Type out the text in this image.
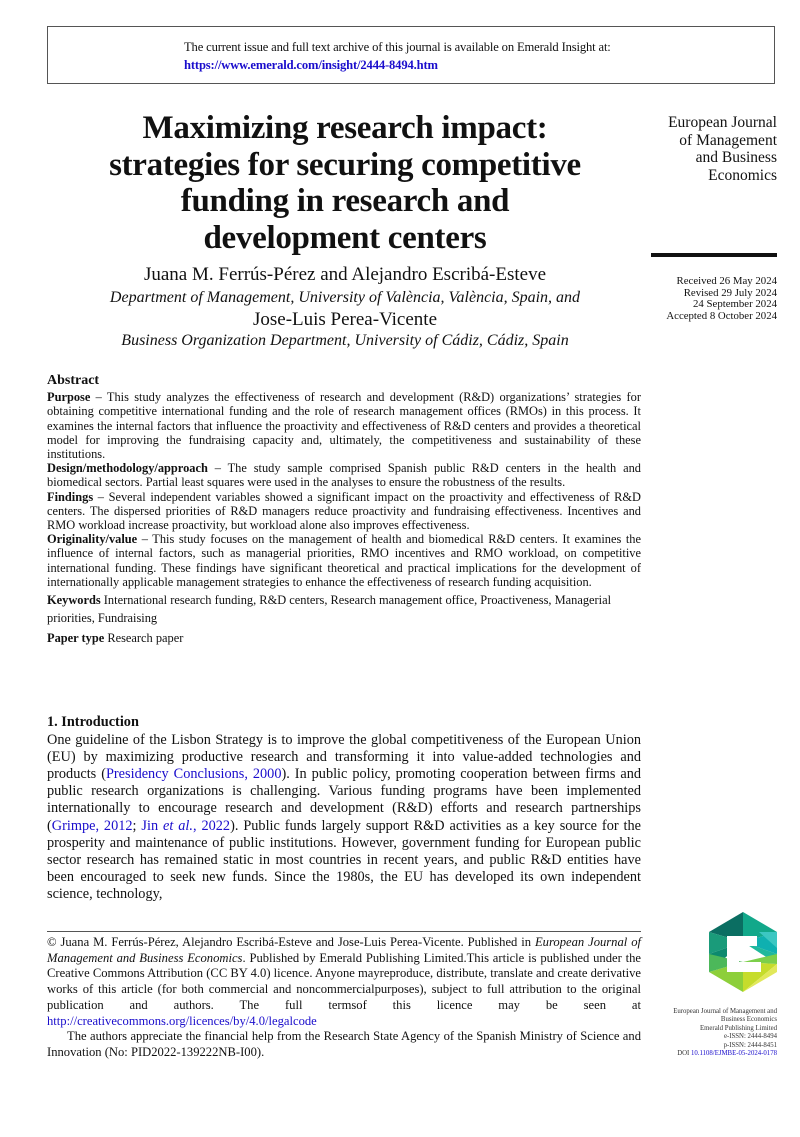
The current issue and full text archive of this journal is available on Emerald Insight at:
https://www.emerald.com/insight/2444-8494.htm
European Journal
of Management
and Business
Economics
Received 26 May 2024
Revised 29 July 2024
24 September 2024
Accepted 8 October 2024
Maximizing research impact:
strategies for securing competitive
funding in research and
development centers
Juana M. Ferrús-Pérez and Alejandro Escribá-Esteve
Department of Management, University of València, València, Spain, and
Jose-Luis Perea-Vicente
Business Organization Department, University of Cádiz, Cádiz, Spain
Abstract

Purpose – This study analyzes the effectiveness of research and development (R&D) organizations’ strategies for obtaining competitive international funding and the role of research management offices (RMOs) in this process. It examines the internal factors that influence the proactivity and effectiveness of R&D centers and provides a theoretical model for improving the fundraising capacity and, ultimately, the competitiveness and sustainability of these institutions.

Design/methodology/approach – The study sample comprised Spanish public R&D centers in the health and biomedical sectors. Partial least squares were used in the analyses to ensure the robustness of the results.

Findings – Several independent variables showed a significant impact on the proactivity and effectiveness of R&D centers. The dispersed priorities of R&D managers reduce proactivity and fundraising effectiveness. Incentives and RMO workload increase proactivity, but workload alone also improves effectiveness.

Originality/value – This study focuses on the management of health and biomedical R&D centers. It examines the influence of internal factors, such as managerial priorities, RMO incentives and RMO workload, on competitive international funding. These findings have significant theoretical and practical implications for the development of internationally applicable management strategies to enhance the effectiveness of research funding acquisition.

Keywords International research funding, R&D centers, Research management office, Proactiveness, Managerial priorities, Fundraising

Paper type Research paper

1. Introduction

One guideline of the Lisbon Strategy is to improve the global competitiveness of the European Union (EU) by maximizing productive research and transforming it into value-added technologies and products (Presidency Conclusions, 2000). In public policy, promoting cooperation between firms and public research organizations is challenging. Various funding programs have been implemented internationally to encourage research and development (R&D) efforts and research partnerships (Grimpe, 2012; Jin et al., 2022). Public funds largely support R&D activities as a key source for the prosperity and maintenance of public institutions. However, government funding for European public sector research has remained static in most countries in recent years, and public R&D entities have been encouraged to seek new funds. Since the 1980s, the EU has developed its own independent science, technology,

© Juana M. Ferrús-Pérez, Alejandro Escribá-Esteve and Jose-Luis Perea-Vicente. Published in European Journal of Management and Business Economics. Published by Emerald Publishing Limited.This article is published under the Creative Commons Attribution (CC BY 4.0) licence. Anyone mayreproduce, distribute, translate and create derivative works of this article (for both commercial and noncommercialpurposes), subject to full attribution to the original publication and authors. The full termsof this licence may be seen at http://creativecommons.org/licences/by/4.0/legalcode

The authors appreciate the financial help from the Research State Agency of the Spanish Ministry of Science and Innovation (No: PID2022-139222NB-I00).

European Journal of Management and
Business Economics
Emerald Publishing Limited
e-ISSN: 2444-8494
p-ISSN: 2444-8451
DOI 10.1108/EJMBE-05-2024-0178
